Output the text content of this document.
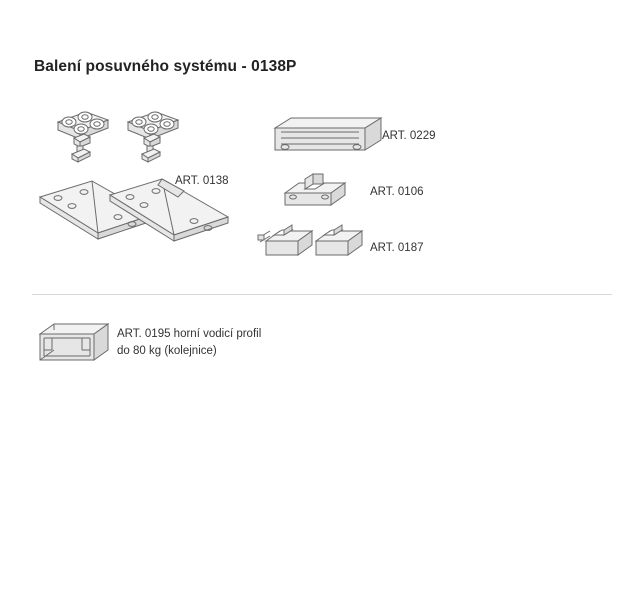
Balení posuvného systému - 0138P
ART. 0138
ART. 0229
ART. 0106
ART. 0187
ART. 0195 horní vodicí profil
do 80 kg (kolejnice)
